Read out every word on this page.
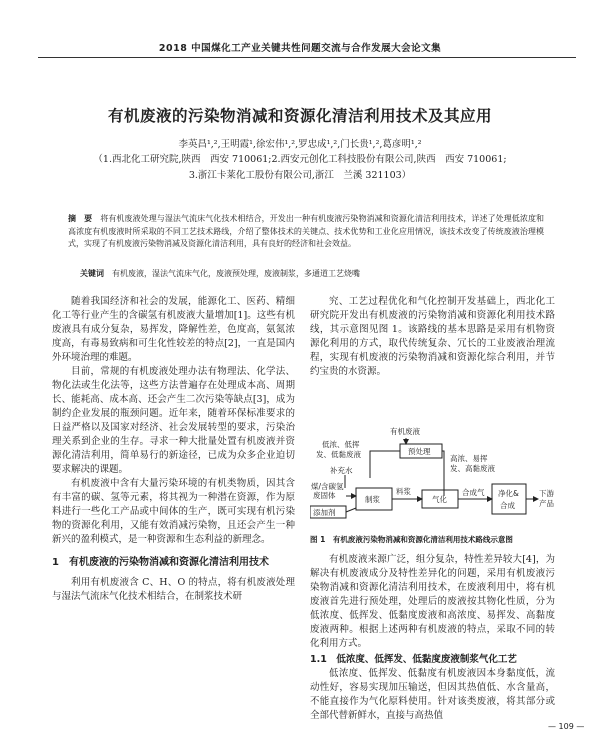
2018 中国煤化工产业关键共性问题交流与合作发展大会论文集
有机废液的污染物消减和资源化清洁利用技术及其应用
李英昌¹,²,王明霞¹,徐宏伟¹,²,罗忠成¹,²,门长贵¹,²,葛彦明¹,²
（1.西北化工研究院,陕西　西安 710061;2.西安元创化工科技股份有限公司,陕西　西安 710061;
3.浙江卡莱化工股份有限公司,浙江　兰溪 321103）
摘　要　 将有机废液处理与湿法气流床气化技术相结合，开发出一种有机废液污染物消减和资源化清洁利用技术，详述了处理低浓度和高浓度有机废液时所采取的不同工艺技术路线，介绍了整体技术的关键点、技术优势和工业化应用情况，该技术改变了传统废液治理模式，实现了有机废液污染物消减及资源化清洁利用，具有良好的经济和社会效益。
关键词　 有机废液，湿法气流床气化，废液预处理，废液制浆，多通道工艺烧嘴

随着我国经济和社会的发展，能源化工、医药、精细化工等行业产生的含碳氢有机废液大量增加[1]。这些有机废液具有成分复杂，易挥发，降解性差，色度高，氨氮浓度高，有毒易致病和可生化性较差的特点[2]，一直是国内外环境治理的难题。

目前，常规的有机废液处理办法有物理法、化学法、物化法或生化法等，这些方法普遍存在处理成本高、周期长、能耗高、成本高、还会产生二次污染等缺点[3]，成为制约企业发展的瓶颈问题。近年来，随着环保标准要求的日益严格以及国家对经济、社会发展转型的要求，污染治理关系到企业的生存。寻求一种大批量处置有机废液并资源化清洁利用，简单易行的新途径，已成为众多企业迫切要求解决的课题。

有机废液中含有大量污染环境的有机类物质，因其含有丰富的碳、氢等元素，将其视为一种潜在资源，作为原料进行一些化工产品或中间体的生产，既可实现有机污染物的资源化利用，又能有效消减污染物，且还会产生一种新兴的盈利模式，是一种资源和生态利益的新理念。

1　有机废液的污染物消减和资源化清洁利用技术

利用有机废液含 C、H、O 的特点，将有机废液处理与湿法气流床气化技术相结合，在制浆技术研

究、工艺过程优化和气化控制开发基础上，西北化工研究院开发出有机废液的污染物消减和资源化利用技术路线，其示意图见图 1。该路线的基本思路是采用有机物资源化利用的方式，取代传统复杂、冗长的工业废液治理流程，实现有机废液的污染物消减和资源化综合利用，并节约宝贵的水资源。

有机废液
预处理
低浓、低挥
发、低黏废液	高浓、易挥
发、高黏废液
补充水
煤/含碳氢
废固体
添加剂
制浆
料浆
气化
合成气 净化&
合成
下游
产品
图 1　有机废液污染物消减和资源化清洁利用技术路线示意图

有机废液来源广泛，组分复杂，特性差异较大[4]，为解决有机废液成分及特性差异化的问题，采用有机废液污染物消减和资源化清洁利用技术，在废液利用中，将有机废液首先进行预处理，处理后的废液按其物化性质，分为低浓度、低挥发、低黏度废液和高浓度、易挥发、高黏度废液两种。根据上述两种有机废液的特点，采取不同的转化利用方式。

1.1　低浓度、低挥发、低黏度废液制浆气化工艺

低浓度、低挥发、低黏度有机废液因本身黏度低，流动性好，容易实现加压输送，但因其热值低、水含量高，不能直接作为气化原料使用。针对该类废液，将其部分或全部代替新鲜水，直接与高热值

— 109 —
